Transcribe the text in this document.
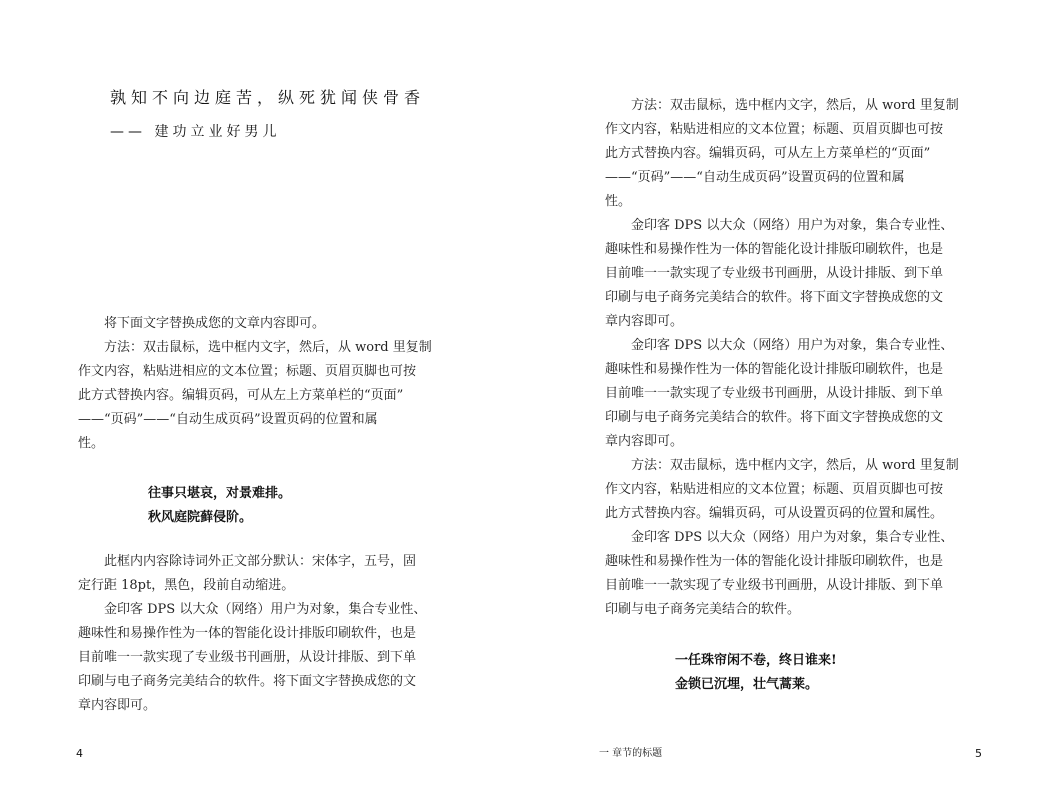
孰知不向边庭苦，纵死犹闻侠骨香
—— 建功立业好男儿
将下面文字替换成您的文章内容即可。
方法：双击鼠标，选中框内文字，然后，从 word 里复制
作文内容，粘贴进相应的文本位置；标题、页眉页脚也可按
此方式替换内容。编辑页码，可从左上方菜单栏的“页面”
——“页码”——“自动生成页码”设置页码的位置和属
性。
往事只堪哀，对景难排。
秋风庭院藓侵阶。
此框内内容除诗词外正文部分默认：宋体字，五号，固
定行距 18pt，黑色，段前自动缩进。
金印客 DPS 以大众（网络）用户为对象，集合专业性、
趣味性和易操作性为一体的智能化设计排版印刷软件，也是
目前唯一一款实现了专业级书刊画册，从设计排版、到下单
印刷与电子商务完美结合的软件。将下面文字替换成您的文
章内容即可。
4
方法：双击鼠标，选中框内文字，然后，从 word 里复制
作文内容，粘贴进相应的文本位置；标题、页眉页脚也可按
此方式替换内容。编辑页码，可从左上方菜单栏的“页面”
——“页码”——“自动生成页码”设置页码的位置和属
性。
金印客 DPS 以大众（网络）用户为对象，集合专业性、
趣味性和易操作性为一体的智能化设计排版印刷软件，也是
目前唯一一款实现了专业级书刊画册，从设计排版、到下单
印刷与电子商务完美结合的软件。将下面文字替换成您的文
章内容即可。
金印客 DPS 以大众（网络）用户为对象，集合专业性、
趣味性和易操作性为一体的智能化设计排版印刷软件，也是
目前唯一一款实现了专业级书刊画册，从设计排版、到下单
印刷与电子商务完美结合的软件。将下面文字替换成您的文
章内容即可。
方法：双击鼠标，选中框内文字，然后，从 word 里复制
作文内容，粘贴进相应的文本位置；标题、页眉页脚也可按
此方式替换内容。编辑页码，可从设置页码的位置和属性。
金印客 DPS 以大众（网络）用户为对象，集合专业性、
趣味性和易操作性为一体的智能化设计排版印刷软件，也是
目前唯一一款实现了专业级书刊画册，从设计排版、到下单
印刷与电子商务完美结合的软件。
一任珠帘闲不卷，终日谁来!
金锁已沉埋，壮气蒿莱。
一 章节的标题	5
